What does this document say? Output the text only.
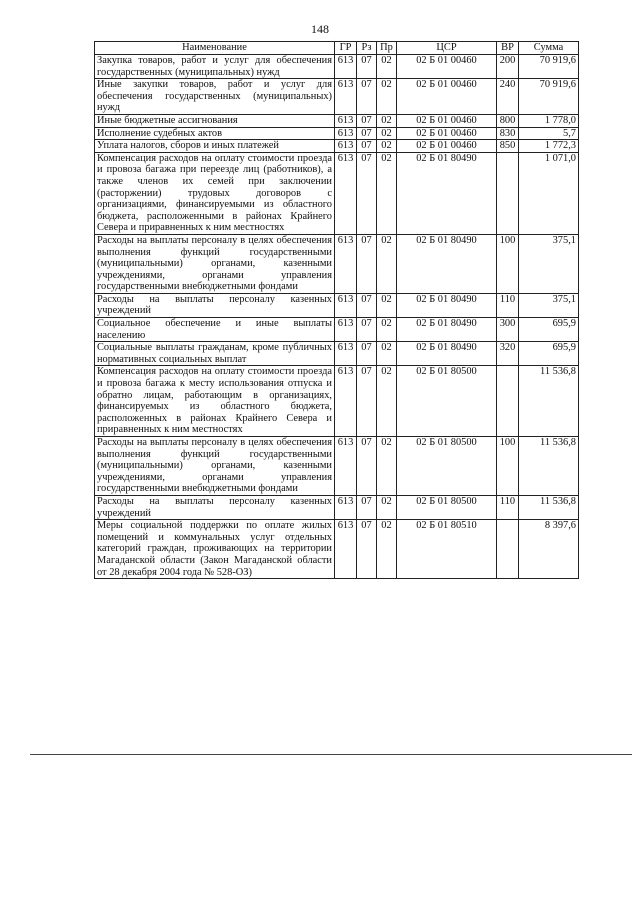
148
Наименование	ГР	Рз	Пр	ЦСР	ВР	Сумма
Закупка товаров, работ и услуг для обеспечения государственных (муниципальных) нужд	613	07	02	02 Б 01 00460	200	70 919,6
Иные закупки товаров, работ и услуг для обеспечения государственных (муниципальных) нужд	613	07	02	02 Б 01 00460	240	70 919,6
Иные бюджетные ассигнования	613	07	02	02 Б 01 00460	800	1 778,0
Исполнение судебных актов	613	07	02	02 Б 01 00460	830	5,7
Уплата налогов, сборов и иных платежей	613	07	02	02 Б 01 00460	850	1 772,3
Компенсация расходов на оплату стоимости проезда и провоза багажа при переезде лиц (работников), а также членов их семей при заключении (расторжении) трудовых договоров с организациями, финансируемыми из областного бюджета, расположенными в районах Крайнего Севера и приравненных к ним местностях	613	07	02	02 Б 01 80490		1 071,0
Расходы на выплаты персоналу в целях обеспечения выполнения функций государственными (муниципальными) органами, казенными учреждениями, органами управления государственными внебюджетными фондами	613	07	02	02 Б 01 80490	100	375,1
Расходы на выплаты персоналу казенных учреждений	613	07	02	02 Б 01 80490	110	375,1
Социальное обеспечение и иные выплаты населению	613	07	02	02 Б 01 80490	300	695,9
Социальные выплаты гражданам, кроме публичных нормативных социальных выплат	613	07	02	02 Б 01 80490	320	695,9
Компенсация расходов на оплату стоимости проезда и провоза багажа к месту использования отпуска и обратно лицам, работающим в организациях, финансируемых из областного бюджета, расположенных в районах Крайнего Севера и приравненных к ним местностях	613	07	02	02 Б 01 80500		11 536,8
Расходы на выплаты персоналу в целях обеспечения выполнения функций государственными (муниципальными) органами, казенными учреждениями, органами управления государственными внебюджетными фондами	613	07	02	02 Б 01 80500	100	11 536,8
Расходы на выплаты персоналу казенных учреждений	613	07	02	02 Б 01 80500	110	11 536,8
Меры социальной поддержки по оплате жилых помещений и коммунальных услуг отдельных категорий граждан, проживающих на территории Магаданской области (Закон Магаданской области от 28 декабря 2004 года № 528-ОЗ)	613	07	02	02 Б 01 80510		8 397,6
